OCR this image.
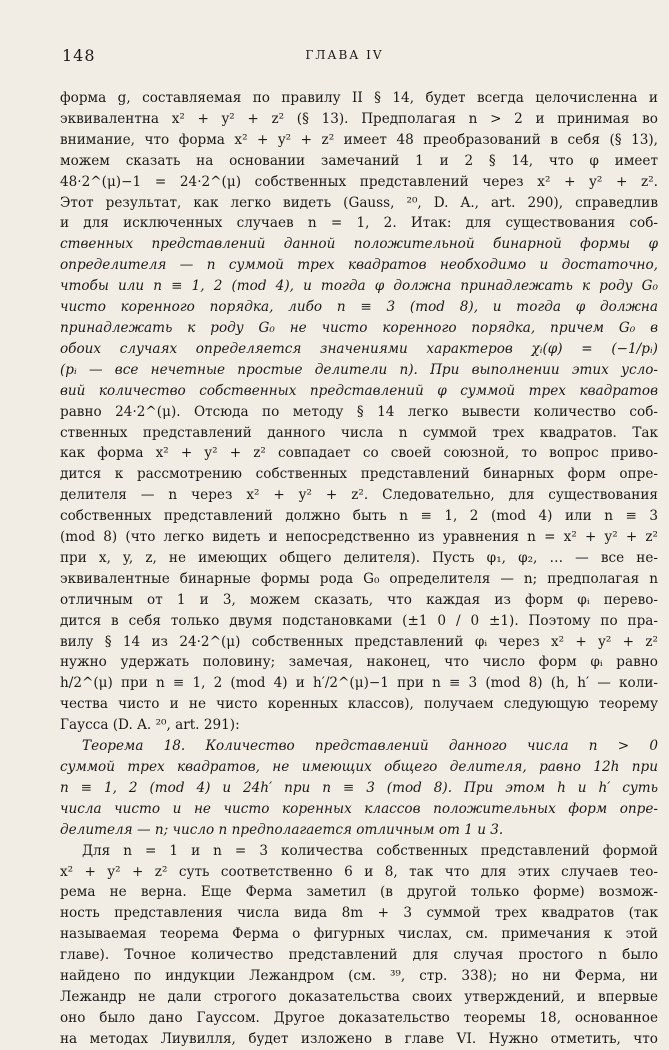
148	ГЛАВА IV
форма g, составляемая по правилу II § 14, будет всегда целочисленна и
эквивалентна x² + y² + z² (§ 13). Предполагая n > 2 и принимая во
внимание, что форма x² + y² + z² имеет 48 преобразований в себя (§ 13),
можем сказать на основании замечаний 1 и 2 § 14, что φ имеет
48·2^(μ)−1 = 24·2^(μ) собственных представлений через x² + y² + z².
Этот результат, как легко видеть (Gauss, ²⁰, D. A., art. 290), справедлив
и для исключенных случаев n = 1, 2. Итак: для существования соб-
ственных представлений данной положительной бинарной формы φ
определителя — n суммой трех квадратов необходимо и достаточно,
чтобы или n ≡ 1, 2 (mod 4), и тогда φ должна принадлежать к роду G₀
чисто коренного порядка, либо n ≡ 3 (mod 8), и тогда φ должна
принадлежать к роду G₀ не чисто коренного порядка, причем G₀ в
обоих случаях определяется значениями характеров χᵢ(φ) = (−1/pᵢ)
(pᵢ — все нечетные простые делители n). При выполнении этих усло-
вий количество собственных представлений φ суммой трех квадратов
равно 24·2^(μ). Отсюда по методу § 14 легко вывести количество соб-
ственных представлений данного числа n суммой трех квадратов. Так
как форма x² + y² + z² совпадает со своей союзной, то вопрос приво-
дится к рассмотрению собственных представлений бинарных форм опре-
делителя — n через x² + y² + z². Следовательно, для существования
собственных представлений должно быть n ≡ 1, 2 (mod 4) или n ≡ 3
(mod 8) (что легко видеть и непосредственно из уравнения n = x² + y² + z²
при x, y, z, не имеющих общего делителя). Пусть φ₁, φ₂, … — все не-
эквивалентные бинарные формы рода G₀ определителя — n; предполагая n
отличным от 1 и 3, можем сказать, что каждая из форм φᵢ перево-
дится в себя только двумя подстановками (±1 0 / 0 ±1). Поэтому по пра-
вилу § 14 из 24·2^(μ) собственных представлений φᵢ через x² + y² + z²
нужно удержать половину; замечая, наконец, что число форм φᵢ равно
h/2^(μ) при n ≡ 1, 2 (mod 4) и h′/2^(μ)−1 при n ≡ 3 (mod 8) (h, h′ — коли-
чества чисто и не чисто коренных классов), получаем следующую теорему
Гаусса (D. A. ²⁰, art. 291):
Теорема 18. Количество представлений данного числа n > 0
суммой трех квадратов, не имеющих общего делителя, равно 12h при
n ≡ 1, 2 (mod 4) и 24h′ при n ≡ 3 (mod 8). При этом h и h′ суть
числа чисто и не чисто коренных классов положительных форм опре-
делителя — n; число n предполагается отличным от 1 и 3.
Для n = 1 и n = 3 количества собственных представлений формой
x² + y² + z² суть соответственно 6 и 8, так что для этих случаев тео-
рема не верна. Еще Ферма заметил (в другой только форме) возмож-
ность представления числа вида 8m + 3 суммой трех квадратов (так
называемая теорема Ферма о фигурных числах, см. примечания к этой
главе). Точное количество представлений для случая простого n было
найдено по индукции Лежандром (см. ³⁹, стр. 338); но ни Ферма, ни
Лежандр не дали строгого доказательства своих утверждений, и впервые
оно было дано Гауссом. Другое доказательство теоремы 18, основанное
на методах Лиувилля, будет изложено в главе VI. Нужно отметить, что
